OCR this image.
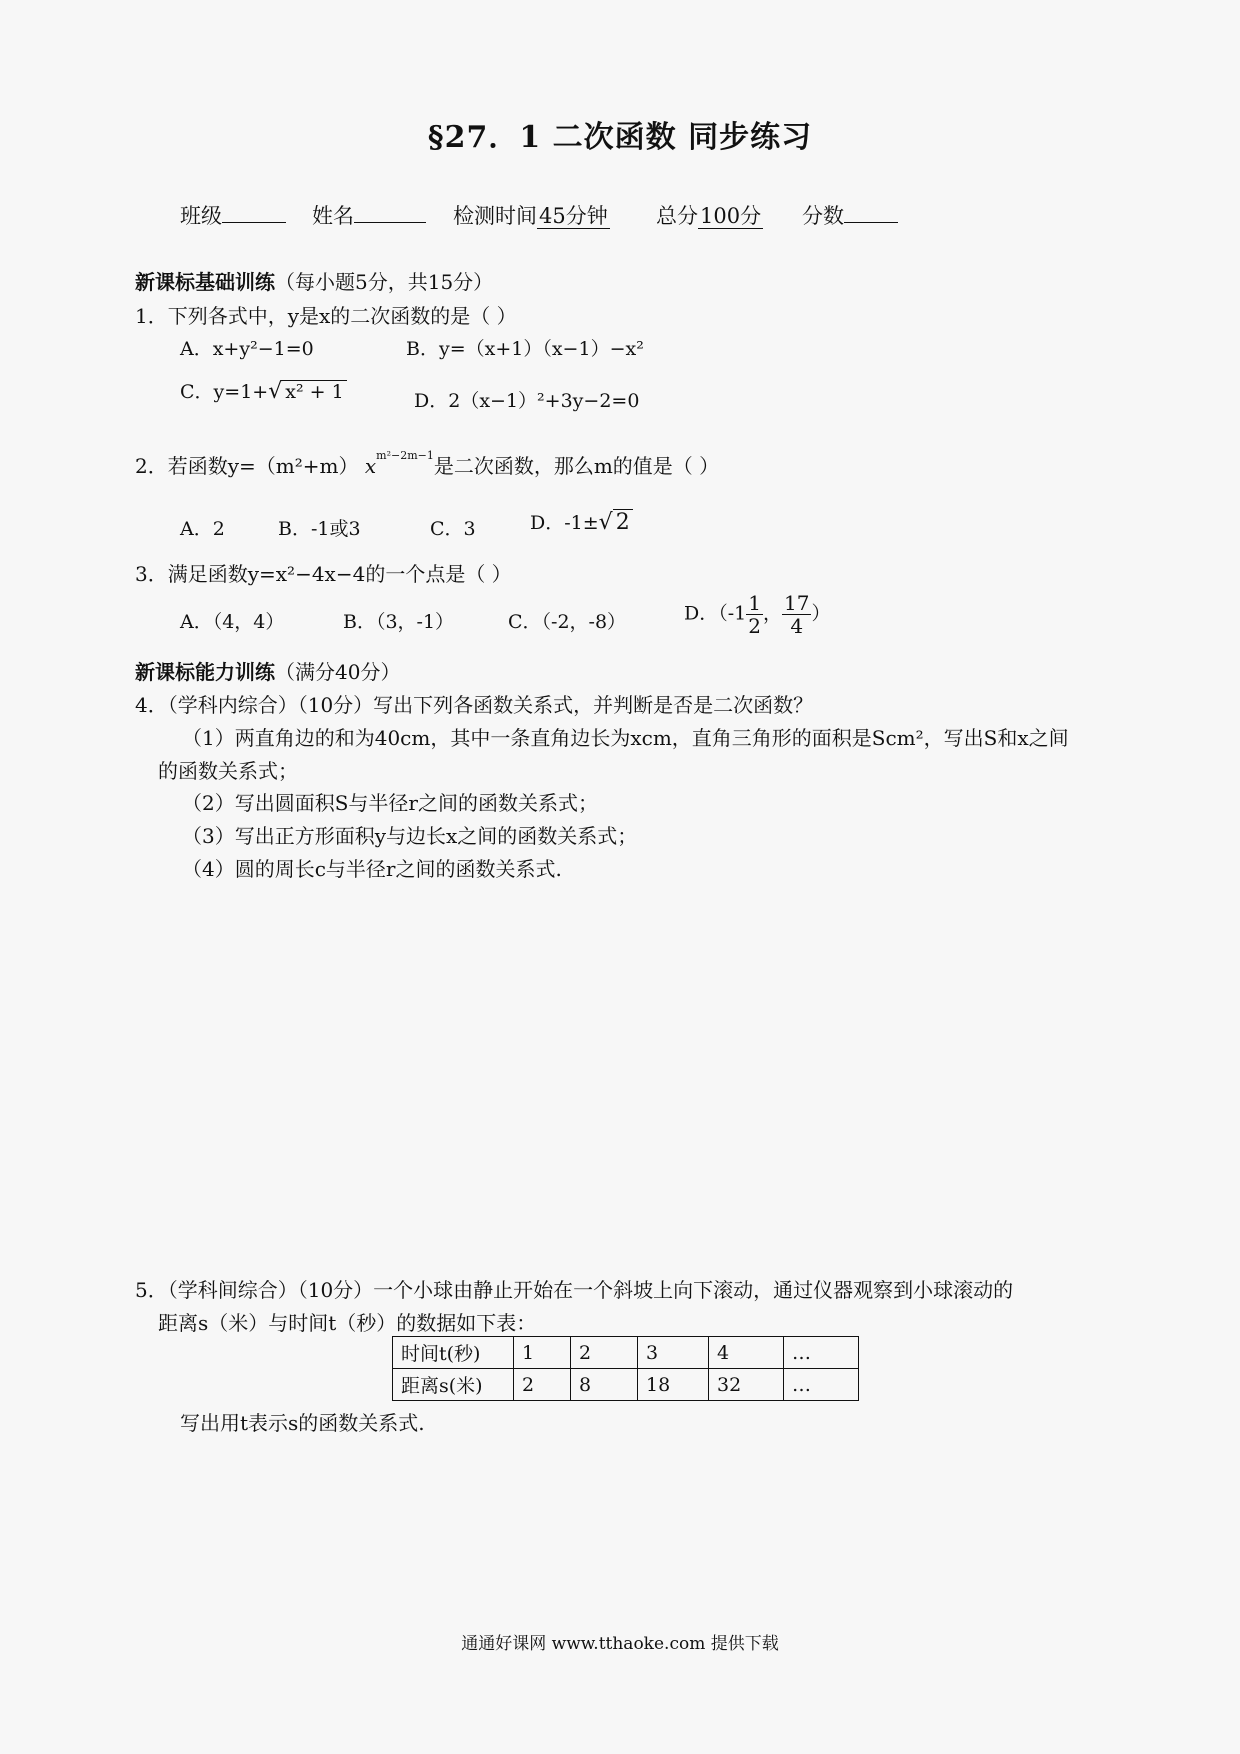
§27．1 二次函数 同步练习
班级	姓名	检测时间45分钟 总分100分 分数
新课标基础训练（每小题5分，共15分）
1．下列各式中，y是x的二次函数的是（ ）
A．x+y²−1=0	B．y=（x+1）（x−1）−x²
C．y=1+√ x² + 1	D．2（x−1）²+3y−2=0
2．若函数y=（m²+m） xm²−2m−1是二次函数，那么m的值是（ ）
A．2	B．-1或3	C．3	D．-1±√ 2
3．满足函数y=x²−4x−4的一个点是（ ）
A．（4，4）	B．（3，-1）	C．（-2，-8）	D．（$-1 \frac{1}{2}$ ， $\frac{17}{4}$ ）
新课标能力训练（满分40分）
4．（学科内综合）（10分）写出下列各函数关系式，并判断是否是二次函数？
（1）两直角边的和为40cm，其中一条直角边长为xcm，直角三角形的面积是Scm²，写出S和x之间
的函数关系式；
（2）写出圆面积S与半径r之间的函数关系式；
（3）写出正方形面积y与边长x之间的函数关系式；
（4）圆的周长c与半径r之间的函数关系式.
5．（学科间综合）（10分）一个小球由静止开始在一个斜坡上向下滚动，通过仪器观察到小球滚动的
距离s（米）与时间t（秒）的数据如下表：
时间t(秒)	1	2	3	4	…
距离s(米)	2	8	18	32	…
写出用t表示s的函数关系式.
通通好课网 www.tthaoke.com 提供下载
